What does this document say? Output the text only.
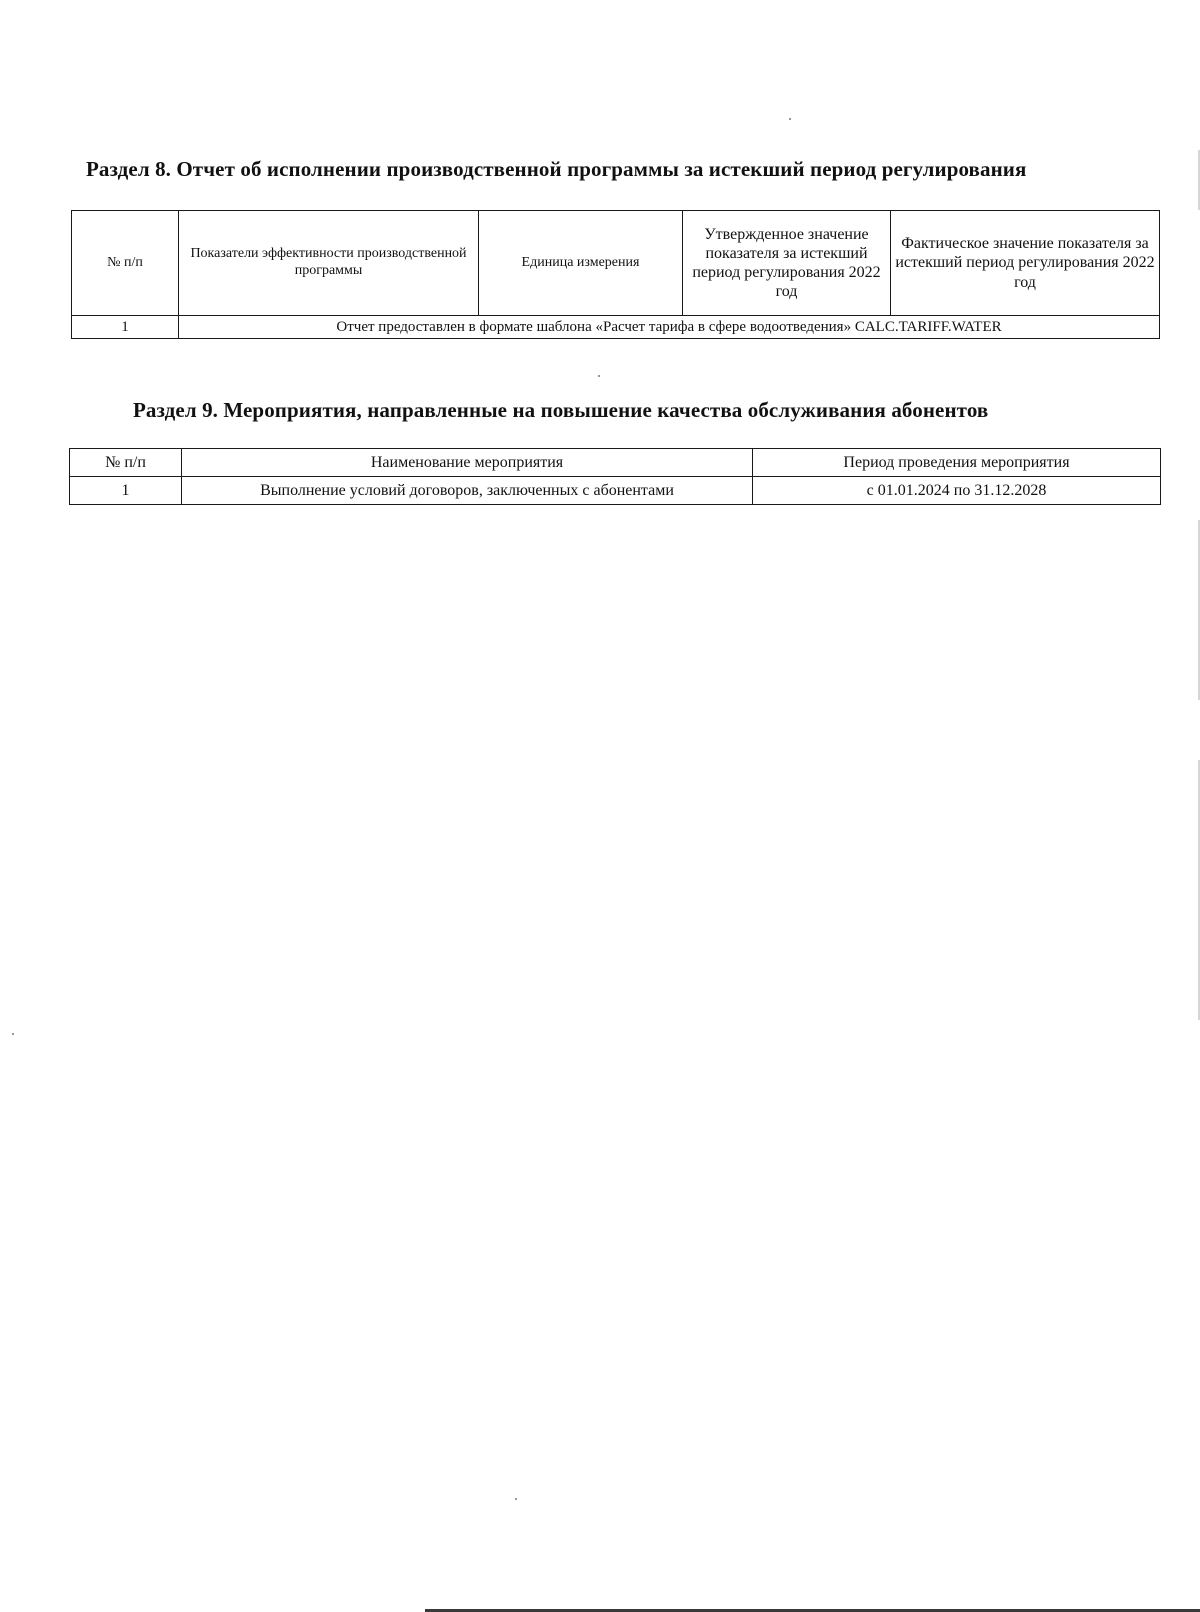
Раздел 8. Отчет об исполнении производственной программы за истекший период регулирования
№ п/п	Показатели эффективности производственной программы	Единица измерения	Утвержденное значение показателя за истекший период регулирования 2022 год	Фактическое значение показателя за истекший период регулирования 2022 год
1	Отчет предоставлен в формате шаблона «Расчет тарифа в сфере водоотведения» CALC.TARIFF.WATER			
Раздел 9. Мероприятия, направленные на повышение качества обслуживания абонентов
№ п/п	Наименование мероприятия	Период проведения мероприятия
1	Выполнение условий договоров, заключенных с абонентами	с 01.01.2024 по 31.12.2028
